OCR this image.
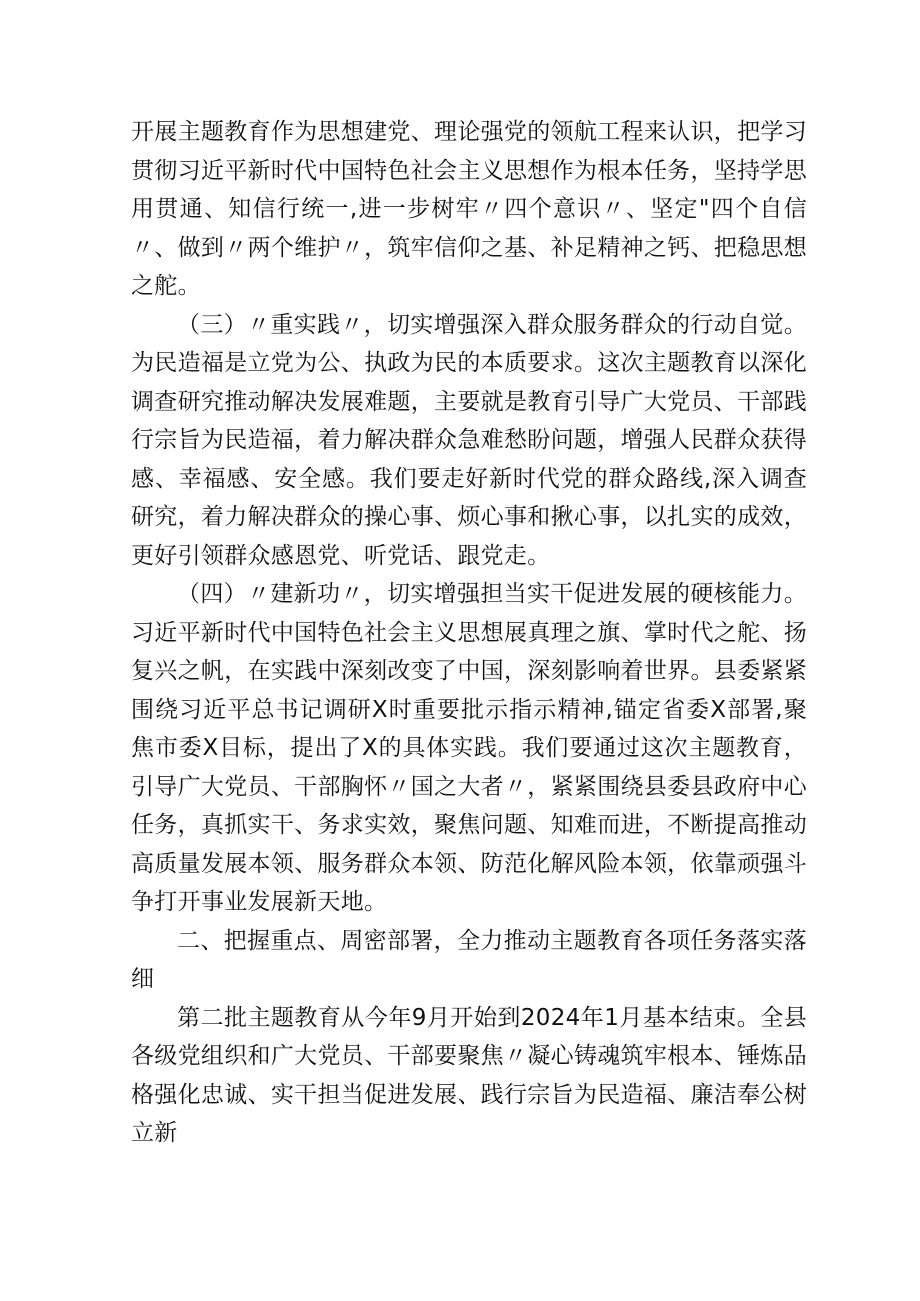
开展主题教育作为思想建党、理论强党的领航工程来认识，把学习贯彻习近平新时代中国特色社会主义思想作为根本任务，坚持学思用贯通、知信行统一,进一步树牢〃四个意识〃、坚定"四个自信〃、做到〃两个维护〃，筑牢信仰之基、补足精神之钙、把稳思想之舵。

（三）〃重实践〃，切实增强深入群众服务群众的行动自觉。为民造福是立党为公、执政为民的本质要求。这次主题教育以深化调查研究推动解决发展难题，主要就是教育引导广大党员、干部践行宗旨为民造福，着力解决群众急难愁盼问题，增强人民群众获得感、幸福感、安全感。我们要走好新时代党的群众路线,深入调查研究，着力解决群众的操心事、烦心事和揪心事，以扎实的成效，更好引领群众感恩党、听党话、跟党走。

（四）〃建新功〃，切实增强担当实干促进发展的硬核能力。习近平新时代中国特色社会主义思想展真理之旗、掌时代之舵、扬复兴之帆，在实践中深刻改变了中国，深刻影响着世界。县委紧紧围绕习近平总书记调研X时重要批示指示精神,锚定省委X部署,聚焦市委X目标，提出了X的具体实践。我们要通过这次主题教育，引导广大党员、干部胸怀〃国之大者〃，紧紧围绕县委县政府中心任务，真抓实干、务求实效，聚焦问题、知难而进，不断提高推动高质量发展本领、服务群众本领、防范化解风险本领，依靠顽强斗争打开事业发展新天地。

二、把握重点、周密部署，全力推动主题教育各项任务落实落细

第二批主题教育从今年9月开始到2024年1月基本结束。全县各级党组织和广大党员、干部要聚焦〃凝心铸魂筑牢根本、锤炼品格强化忠诚、实干担当促进发展、践行宗旨为民造福、廉洁奉公树立新
